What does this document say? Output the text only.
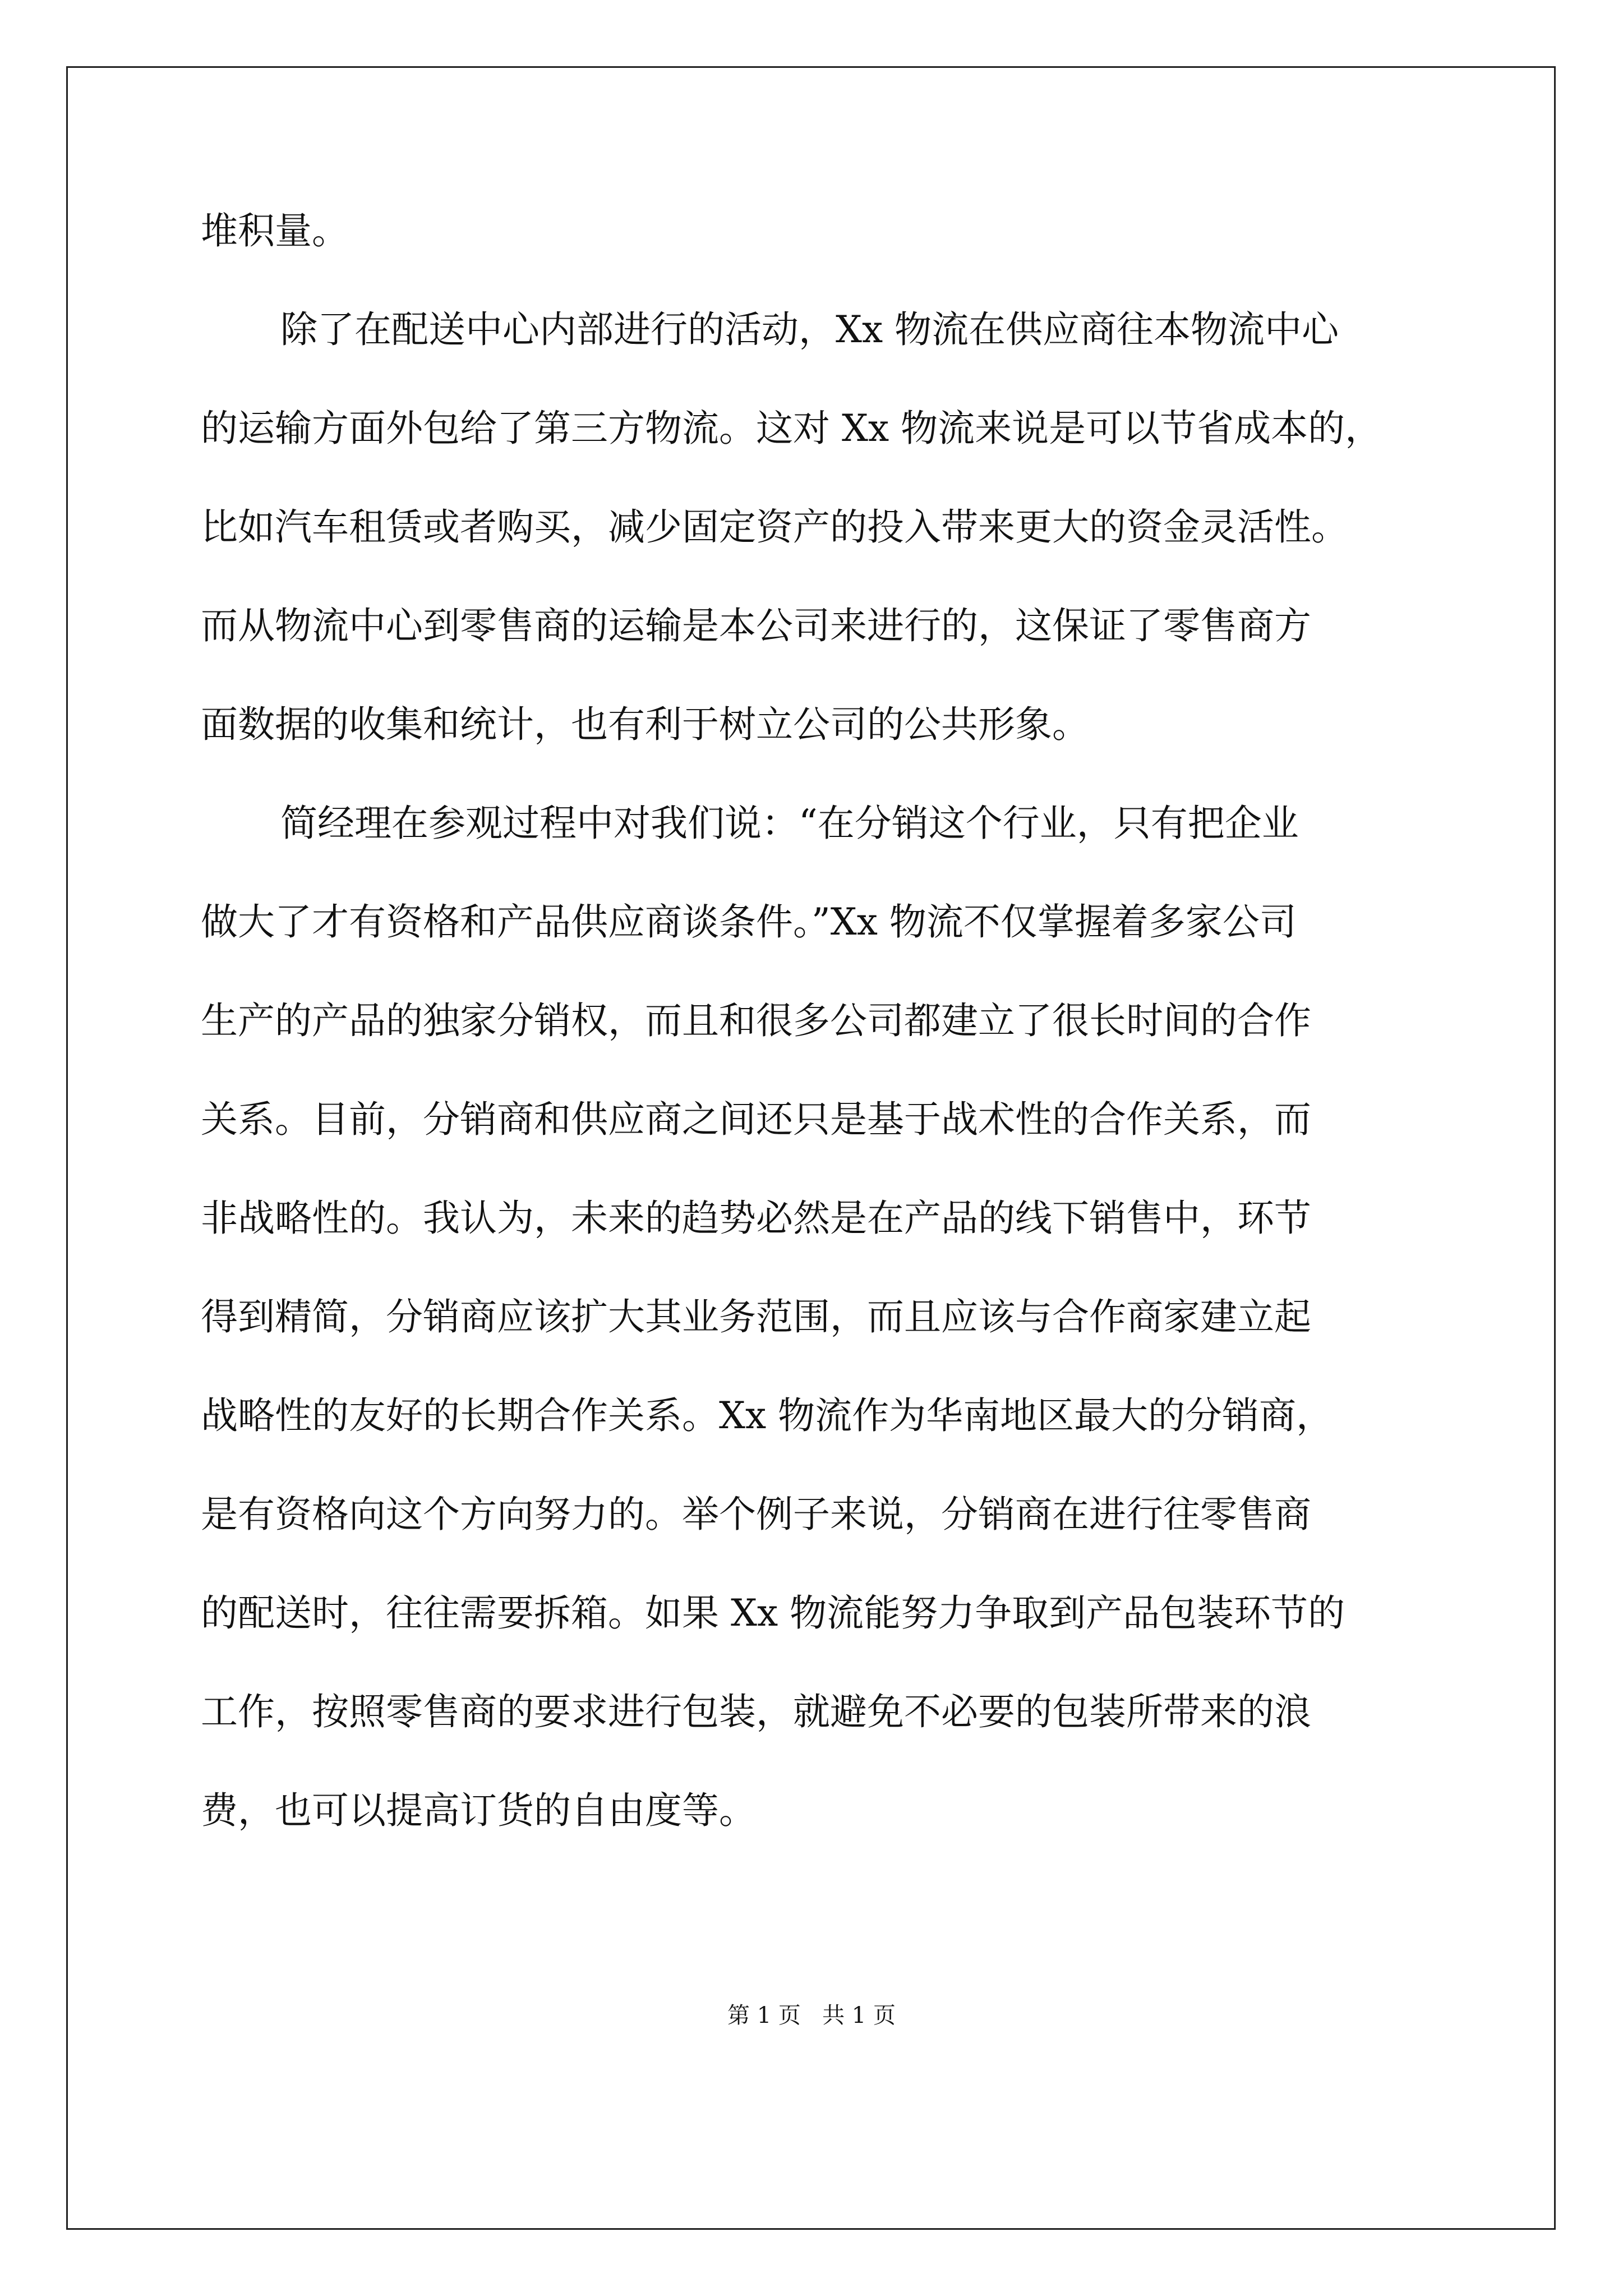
堆积量。
除了在配送中心内部进行的活动，Xx 物流在供应商往本物流中心
的运输方面外包给了第三方物流。这对 Xx 物流来说是可以节省成本的，
比如汽车租赁或者购买，减少固定资产的投入带来更大的资金灵活性。
而从物流中心到零售商的运输是本公司来进行的，这保证了零售商方
面数据的收集和统计，也有利于树立公司的公共形象。
简经理在参观过程中对我们说：“在分销这个行业，只有把企业
做大了才有资格和产品供应商谈条件。”Xx 物流不仅掌握着多家公司
生产的产品的独家分销权，而且和很多公司都建立了很长时间的合作
关系。目前，分销商和供应商之间还只是基于战术性的合作关系，而
非战略性的。我认为，未来的趋势必然是在产品的线下销售中，环节
得到精简，分销商应该扩大其业务范围，而且应该与合作商家建立起
战略性的友好的长期合作关系。Xx 物流作为华南地区最大的分销商，
是有资格向这个方向努力的。举个例子来说，分销商在进行往零售商
的配送时，往往需要拆箱。如果 Xx 物流能努力争取到产品包装环节的
工作，按照零售商的要求进行包装，就避免不必要的包装所带来的浪
费，也可以提高订货的自由度等。
第 1 页   共 1 页
